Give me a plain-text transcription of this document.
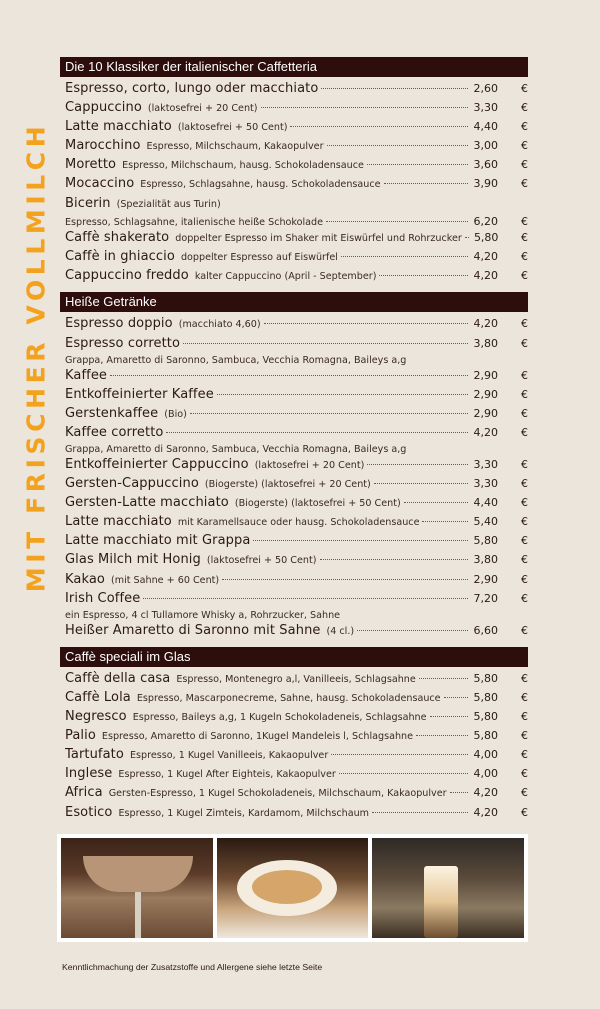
MIT FRISCHER VOLLMILCH
Die 10 Klassiker der italienischer Caffetteria
Espresso, corto, lungo oder macchiato	2,60	€
Cappuccino (laktosefrei + 20 Cent)	3,30	€
Latte macchiato (laktosefrei + 50 Cent)	4,40	€
Marocchino Espresso, Milchschaum, Kakaopulver	3,00	€
Moretto Espresso, Milchschaum, hausg. Schokoladensauce	3,60	€
Mocaccino Espresso, Schlagsahne, hausg. Schokoladensauce	3,90	€
Bicerin (Spezialität aus Turin)
Espresso, Schlagsahne, italienische heiße Schokolade	6,20	€
Caffè shakerato doppelter Espresso im Shaker mit Eiswürfel und Rohrzucker 5,80	€
Caffè in ghiaccio doppelter Espresso auf Eiswürfel	4,20	€
Cappuccino freddo kalter Cappuccino (April - September)	4,20	€
Heiße Getränke
Espresso doppio (macchiato 4,60)	4,20	€
Espresso corretto	3,80	€
Grappa, Amaretto di Saronno, Sambuca, Vecchia Romagna, Baileys a,g
Kaffee	2,90	€
Entkoffeinierter Kaffee	2,90	€
Gerstenkaffee (Bio)	2,90	€
Kaffee corretto	4,20	€
Grappa, Amaretto di Saronno, Sambuca, Vecchia Romagna, Baileys a,g
Entkoffeinierter Cappuccino (laktosefrei + 20 Cent)	3,30	€
Gersten-Cappuccino (Biogerste) (laktosefrei + 20 Cent)	3,30	€
Gersten-Latte macchiato (Biogerste) (laktosefrei + 50 Cent)	4,40	€
Latte macchiato mit Karamellsauce oder hausg. Schokoladensauce	5,40	€
Latte macchiato mit Grappa	5,80	€
Glas Milch mit Honig (laktosefrei + 50 Cent)	3,80	€
Kakao (mit Sahne + 60 Cent)	2,90	€
Irish Coffee	7,20	€
ein Espresso, 4 cl Tullamore Whisky a, Rohrzucker, Sahne
Heißer Amaretto di Saronno mit Sahne (4 cl.)	6,60	€
Caffè speciali im Glas
Caffè della casa Espresso, Montenegro a,l, Vanilleeis, Schlagsahne	5,80	€
Caffè Lola Espresso, Mascarponecreme, Sahne, hausg. Schokoladensauce	5,80	€
Negresco Espresso, Baileys a,g, 1 Kugeln Schokoladeneis, Schlagsahne	5,80	€
Palio Espresso, Amaretto di Saronno, 1Kugel Mandeleis l, Schlagsahne	5,80	€
Tartufato Espresso, 1 Kugel Vanilleeis, Kakaopulver	4,00	€
Inglese Espresso, 1 Kugel After Eighteis, Kakaopulver	4,00	€
Africa Gersten-Espresso, 1 Kugel Schokoladeneis, Milchschaum, Kakaopulver 4,20	€
Esotico Espresso, 1 Kugel Zimteis, Kardamom, Milchschaum	4,20	€
Kenntlichmachung der Zusatzstoffe und Allergene siehe letzte Seite
